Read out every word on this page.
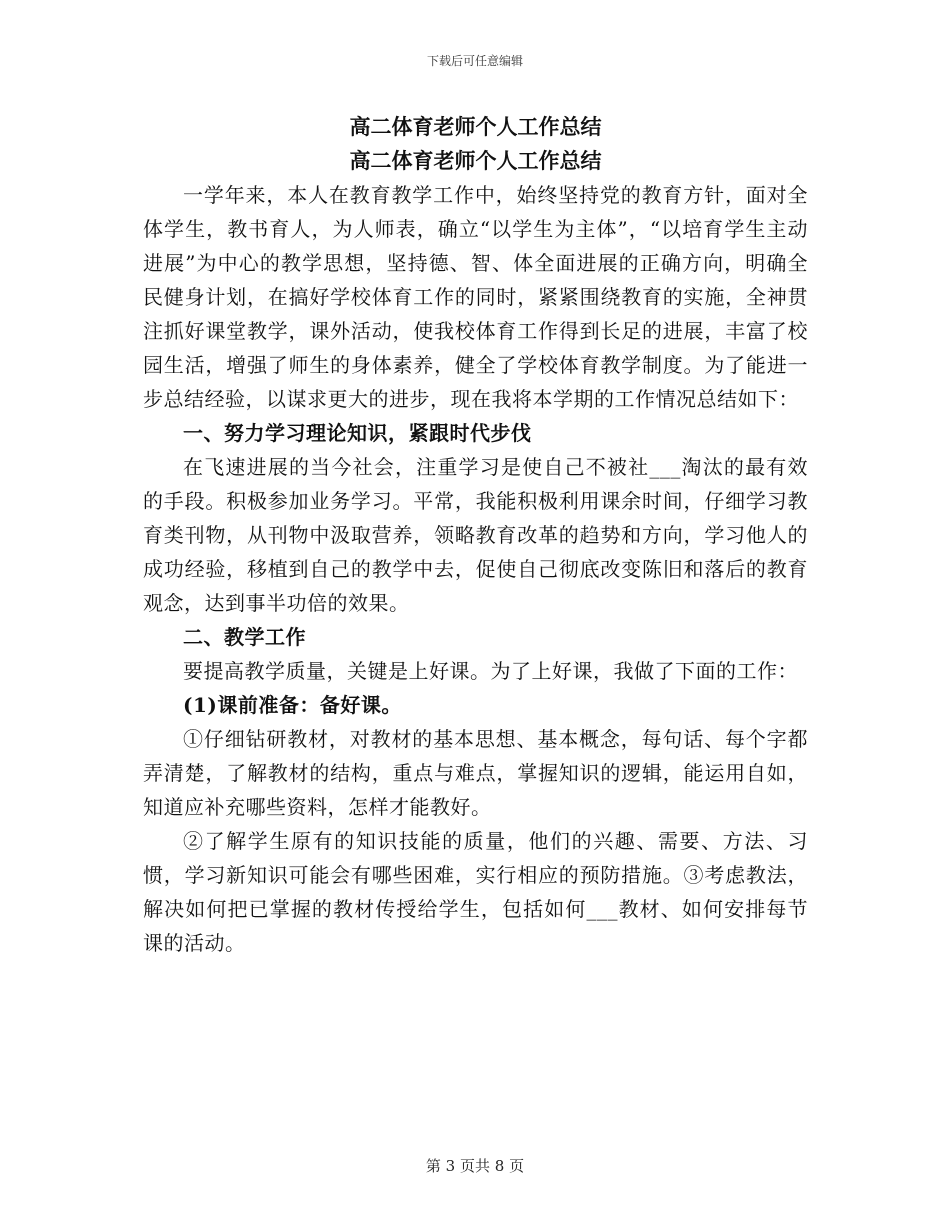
下载后可任意编辑
高二体育老师个人工作总结
高二体育老师个人工作总结

一学年来，本人在教育教学工作中，始终坚持党的教育方针，面对全体学生，教书育人，为人师表，确立“以学生为主体”，“以培育学生主动进展”为中心的教学思想，坚持德、智、体全面进展的正确方向，明确全民健身计划，在搞好学校体育工作的同时，紧紧围绕教育的实施，全神贯注抓好课堂教学，课外活动，使我校体育工作得到长足的进展，丰富了校园生活，增强了师生的身体素养，健全了学校体育教学制度。为了能进一步总结经验，以谋求更大的进步，现在我将本学期的工作情况总结如下：

一、努力学习理论知识，紧跟时代步伐

在飞速进展的当今社会，注重学习是使自己不被社___淘汰的最有效的手段。积极参加业务学习。平常，我能积极利用课余时间，仔细学习教育类刊物，从刊物中汲取营养，领略教育改革的趋势和方向，学习他人的成功经验，移植到自己的教学中去，促使自己彻底改变陈旧和落后的教育观念，达到事半功倍的效果。

二、教学工作

要提高教学质量，关键是上好课。为了上好课，我做了下面的工作：

(1)课前准备：备好课。

①仔细钻研教材，对教材的基本思想、基本概念，每句话、每个字都弄清楚，了解教材的结构，重点与难点，掌握知识的逻辑，能运用自如，知道应补充哪些资料，怎样才能教好。

②了解学生原有的知识技能的质量，他们的兴趣、需要、方法、习惯，学习新知识可能会有哪些困难，实行相应的预防措施。③考虑教法，解决如何把已掌握的教材传授给学生，包括如何___教材、如何安排每节课的活动。

第 3 页共 8 页
